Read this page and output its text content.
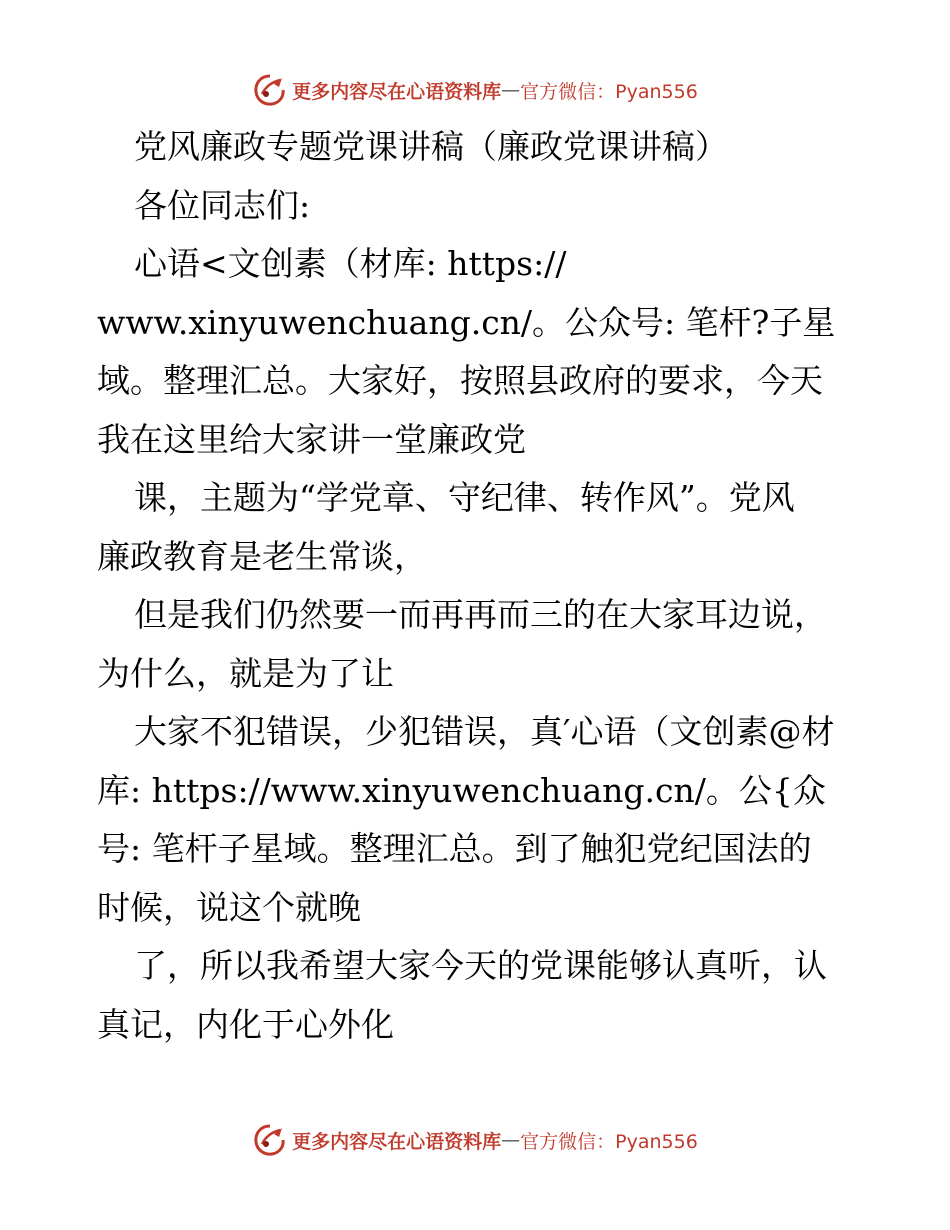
更多内容尽在心语资料库 — 官方微信：Pyan556
党风廉政专题党课讲稿（廉政党课讲稿）
各位同志们:
心语<文创素（材库: https://
www.xinyuwenchuang.cn/。公众号: 笔杆?子星
域。整理汇总。大家好，按照县政府的要求，今天
我在这里给大家讲一堂廉政党
课，主题为“学党章、守纪律、转作风”。党风
廉政教育是老生常谈，
但是我们仍然要一而再再而三的在大家耳边说，
为什么，就是为了让
大家不犯错误，少犯错误，真′心语（文创素@材
库: https://www.xinyuwenchuang.cn/。公{众
号: 笔杆子星域。整理汇总。到了触犯党纪国法的
时候，说这个就晚
了，所以我希望大家今天的党课能够认真听，认
真记，内化于心外化
更多内容尽在心语资料库 — 官方微信：Pyan556
